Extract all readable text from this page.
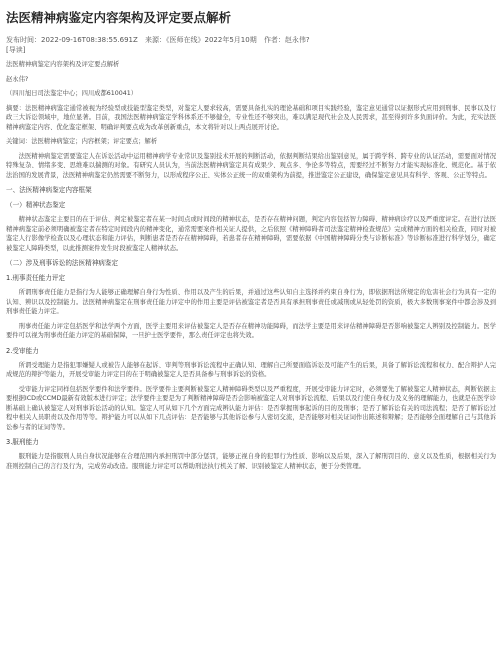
法医精神病鉴定内容架构及评定要点解析
发布时间：2022-09-16T08:38:55.691Z 来源：《医师在线》2022年5月10期 作者：赵永伟?
[导读]

法医精神病鉴定内容架构及评定要点解析

赵永伟?

（四川旭日司法鉴定中心；四川成都610041）

摘要：法医精神病鉴定通常被视为经验型或技能型鉴定类型，对鉴定人要求较高，需要具备扎实的理论基础和项目实践经验，鉴定意见通常以证据形式应用到刑事、民事以及行政三大诉讼领域中，地位显著。目前，我国法医精神病鉴定学科体系还不够健全，专业性还不够突出，难以满足现代社会及人民需求，甚至得到许多负面评价。为此，充实法医精神病鉴定内容、优化鉴定框架、明确评判要点成为改革创新重点，本文将针对以上两点展开讨论。

关键词：法医精神病鉴定；内容框架；评定要点；解析

法医精神病鉴定需要鉴定人在诉讼活动中运用精神病学专业常识及鉴别技术开展的判断活动，依据判断结果给出鉴别意见，属于跨学科、跨专业的认证活动，需要面对情况特殊复杂、情绪多变、思维难以揣测的对象。有研究人员认为，当前法医精神病鉴定具有成果少、观点多、争论多等特点，需要经过不断努力才能实现标准化、规范化。基于依法治国的发展背景，法医精神病鉴定仍然需要不断努力，以形成程序公正、实体公正统一的双重架构为前提，推进鉴定公正建设，确保鉴定意见具有科学、客观、公正等特点。

一、法医精神病鉴定内容框架

（一）精神状态鉴定

精神状态鉴定主要目的在于评估、判定被鉴定者在某一时间点或时间段的精神状态，是否存在精神问题，判定内容包括智力障碍、精神病诊疗以及严重度评定。在进行法医精神病鉴定前必须明确被鉴定者在特定时间段内的精神变化，通常需要案件相关证人提供，之后依照《精神障碍者司法鉴定精神检查规范》完成精神方面的相关检查，同时对被鉴定人行影像学检查以及心理状态和能力评估，判断患者是否存在精神障碍，若患者存在精神障碍，需要依据《中国精神障碍分类与诊断标准》等诊断标准进行科学划分，确定被鉴定人障碍类型，以此推测案件发生时段被鉴定人精神状态。

（二）涉及刑事诉讼的法医精神病鉴定

1.刑事责任能力评定

所谓刑事责任能力是指行为人能够正确理解自身行为性质、作用以及产生的后果，并通过这些认知自主选择并约束自身行为，即依据刑法所规定的危害社会行为具有一定的认知、辨识以及控制能力。法医精神病鉴定在刑事责任能力评定中的作用主要是评估被鉴定者是否具有承担刑事责任或减刑或从轻处罚的资质，极大多数刑事案件中都会涉及到刑事责任能力评定。

刑事责任能力评定包括医学和法学两个方面，医学主要用来评估被鉴定人是否存在精神功能障碍，而法学主要是用来评估精神障碍是否影响被鉴定人辨别及控制能力。医学要件可以视为刑事责任能力评定的基础保障，一旦护士医学要件，那么责任评定也将失效。

2.受审能力

所谓受理能力是指犯罪嫌疑人或被告人能够在起诉、审判等刑事诉讼流程中正确认知、理解自己所要面临诉讼及可能产生的后果，具备了解诉讼流程和权力、配合辩护人完成规范的辩护等能力，开展受审能力评定目的在于明确被鉴定人是否具备参与刑事诉讼的资格。

受审能力评定同样包括医学要件和法学要件。医学要件主要判断被鉴定人精神障碍类型以及严重程度，开展受审能力评定时，必须要先了解被鉴定人精神状态，判断依据主要根据ICD或CCMD最新有效版本进行评定；法学要件主要是为了判断精神障碍是否会影响被鉴定人对刑事诉讼流程、后果以及行使自身权力及义务的理解能力，也就是在医学诊断基础上确认被鉴定人对刑事诉讼活动的认知。鉴定人可从如下几个方面完成辨认能力评估：是否掌握刑事起诉的目的及刑事；是否了解诉讼有关的司法流程；是否了解诉讼过程中相关人员职责以及作用等等。辩护能力可以从如下几点评估：是否能够与其他诉讼参与人密切交流，是否能够对相关证词作出陈述和辩解；是否能够全面理解自己与其他诉讼参与者的证词等等。

3.服刑能力

服刑能力是指服刑人员自身状况能够在合理范围内承担刑罚中部分惩罚，能够正视自身的犯罪行为性质、影响以及后果，深入了解刑罚目的、意义以及性质，根据相关行为准则控制自己的言行及行为，完成劳动改造。服刑能力评定可以帮助刑法执行机关了解、识别被鉴定人精神状态，便于分类管理。
